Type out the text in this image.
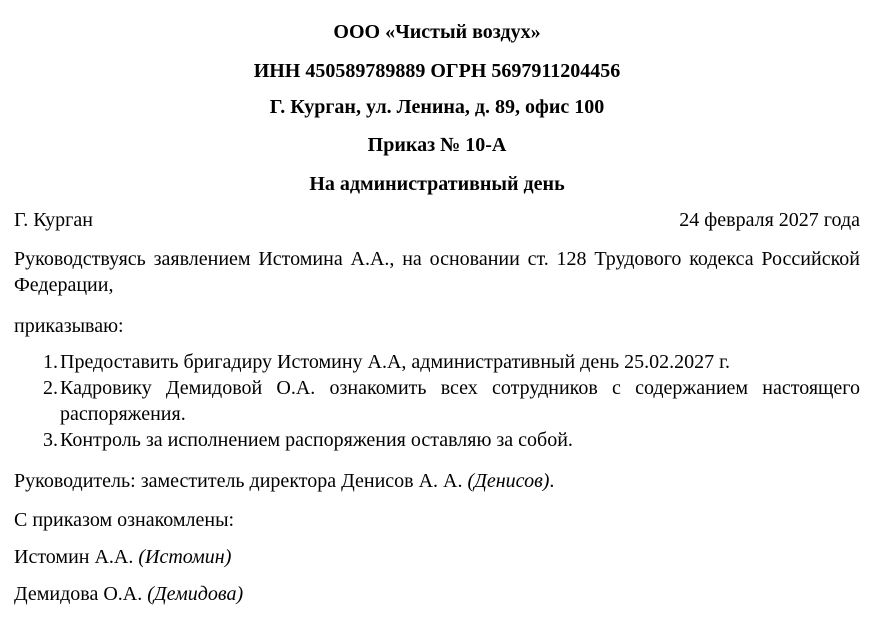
ООО «Чистый воздух»
ИНН 450589789889 ОГРН 5697911204456
Г. Курган, ул. Ленина, д. 89, офис 100
Приказ № 10-А
На административный день
Г. Курган	24 февраля 2027 года
Руководствуясь заявлением Истомина А.А., на основании ст. 128 Трудового кодекса Российской Федерации,
приказываю:
1. Предоставить бригадиру Истомину А.А, административный день 25.02.2027 г.
2. Кадровику Демидовой О.А. ознакомить всех сотрудников с содержанием настоящего распоряжения.
3. Контроль за исполнением распоряжения оставляю за собой.
Руководитель: заместитель директора Денисов А. А.
(Денисов) .
С приказом ознакомлены:
Истомин А.А.
(Истомин)
Демидова О.А.
(Демидова)
